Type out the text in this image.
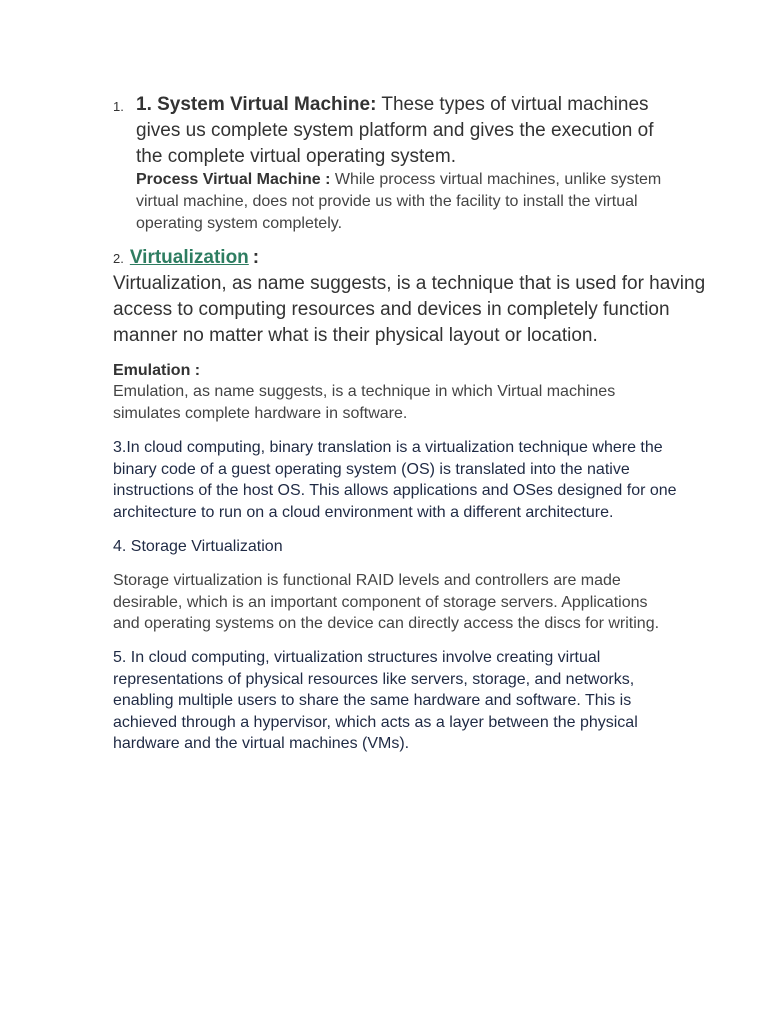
1. 1. System Virtual Machine: These types of virtual machines gives us complete system platform and gives the execution of the complete virtual operating system.
Process Virtual Machine : While process virtual machines, unlike system virtual machine, does not provide us with the facility to install the virtual operating system completely.
2. Virtualization :
Virtualization, as name suggests, is a technique that is used for having access to computing resources and devices in completely function manner no matter what is their physical layout or location.
Emulation :
Emulation, as name suggests, is a technique in which Virtual machines simulates complete hardware in software.
3.In cloud computing, binary translation is a virtualization technique where the binary code of a guest operating system (OS) is translated into the native instructions of the host OS. This allows applications and OSes designed for one architecture to run on a cloud environment with a different architecture.
4. Storage Virtualization
Storage virtualization is functional RAID levels and controllers are made desirable, which is an important component of storage servers. Applications and operating systems on the device can directly access the discs for writing.
5. In cloud computing, virtualization structures involve creating virtual representations of physical resources like servers, storage, and networks, enabling multiple users to share the same hardware and software. This is achieved through a hypervisor, which acts as a layer between the physical hardware and the virtual machines (VMs).
